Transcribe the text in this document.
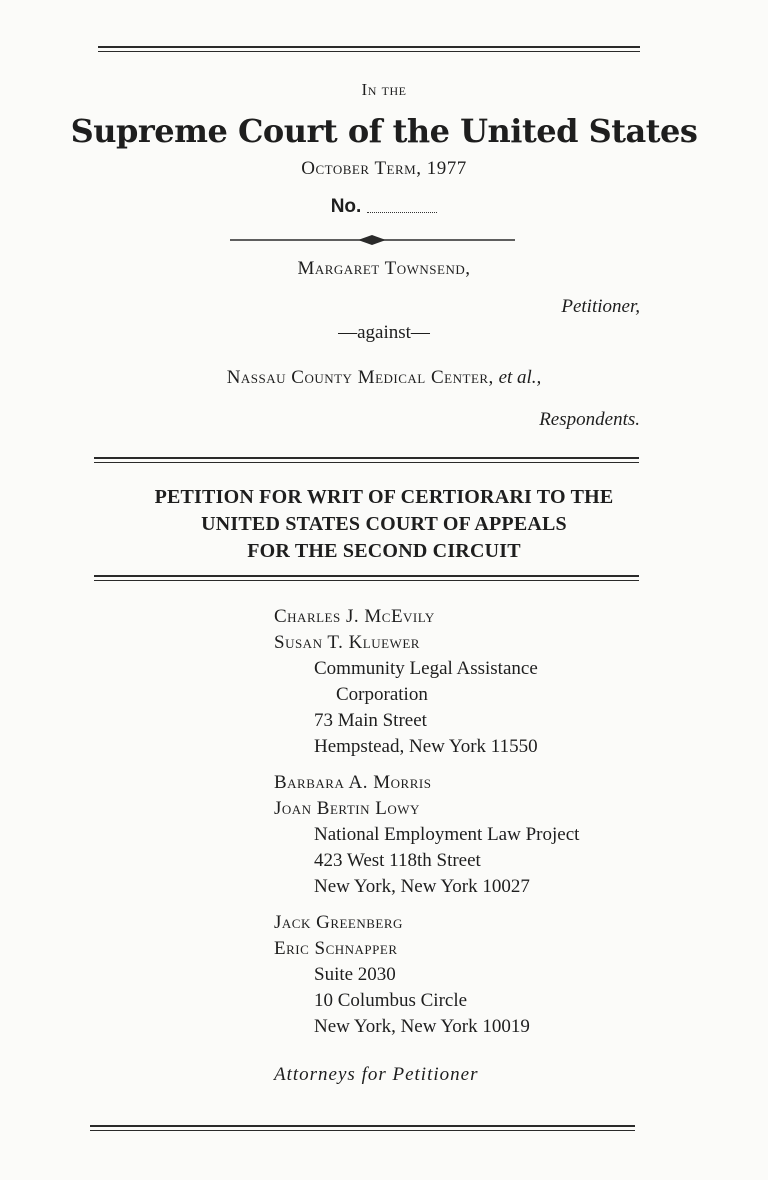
In the
Supreme Court of the United States
October Term, 1977
No.
Margaret Townsend,
Petitioner,
—against—
Nassau County Medical Center, et al.,
Respondents.
PETITION FOR WRIT OF CERTIORARI TO THE
UNITED STATES COURT OF APPEALS
FOR THE SECOND CIRCUIT
Charles J. McEvily
Susan T. Kluewer
Community Legal Assistance
Corporation
73 Main Street
Hempstead, New York 11550
Barbara A. Morris
Joan Bertin Lowy
National Employment Law Project
423 West 118th Street
New York, New York 10027
Jack Greenberg
Eric Schnapper
Suite 2030
10 Columbus Circle
New York, New York 10019
Attorneys for Petitioner
